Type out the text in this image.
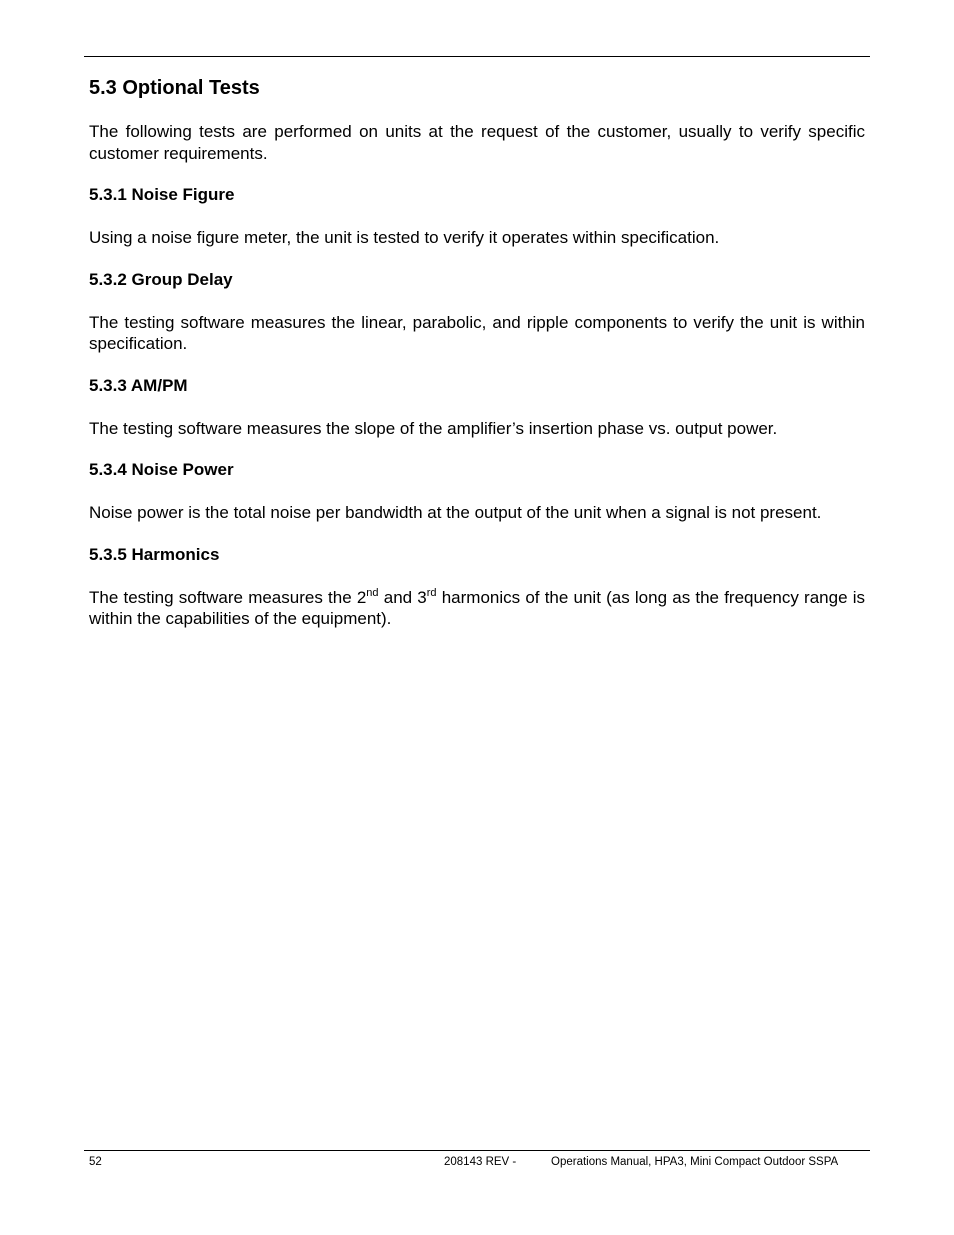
5.3 Optional Tests

The following tests are performed on units at the request of the customer, usually to verify specific customer requirements.

5.3.1 Noise Figure

Using a noise figure meter, the unit is tested to verify it operates within specification.

5.3.2 Group Delay

The testing software measures the linear, parabolic, and ripple components to verify the unit is within specification.

5.3.3 AM/PM

The testing software measures the slope of the amplifier’s insertion phase vs. output power.

5.3.4 Noise Power

Noise power is the total noise per bandwidth at the output of the unit when a signal is not present.

5.3.5 Harmonics

The testing software measures the 2nd and 3rd harmonics of the unit (as long as the frequency range is within the capabilities of the equipment).

52	208143 REV -	Operations Manual, HPA3, Mini Compact Outdoor SSPA
